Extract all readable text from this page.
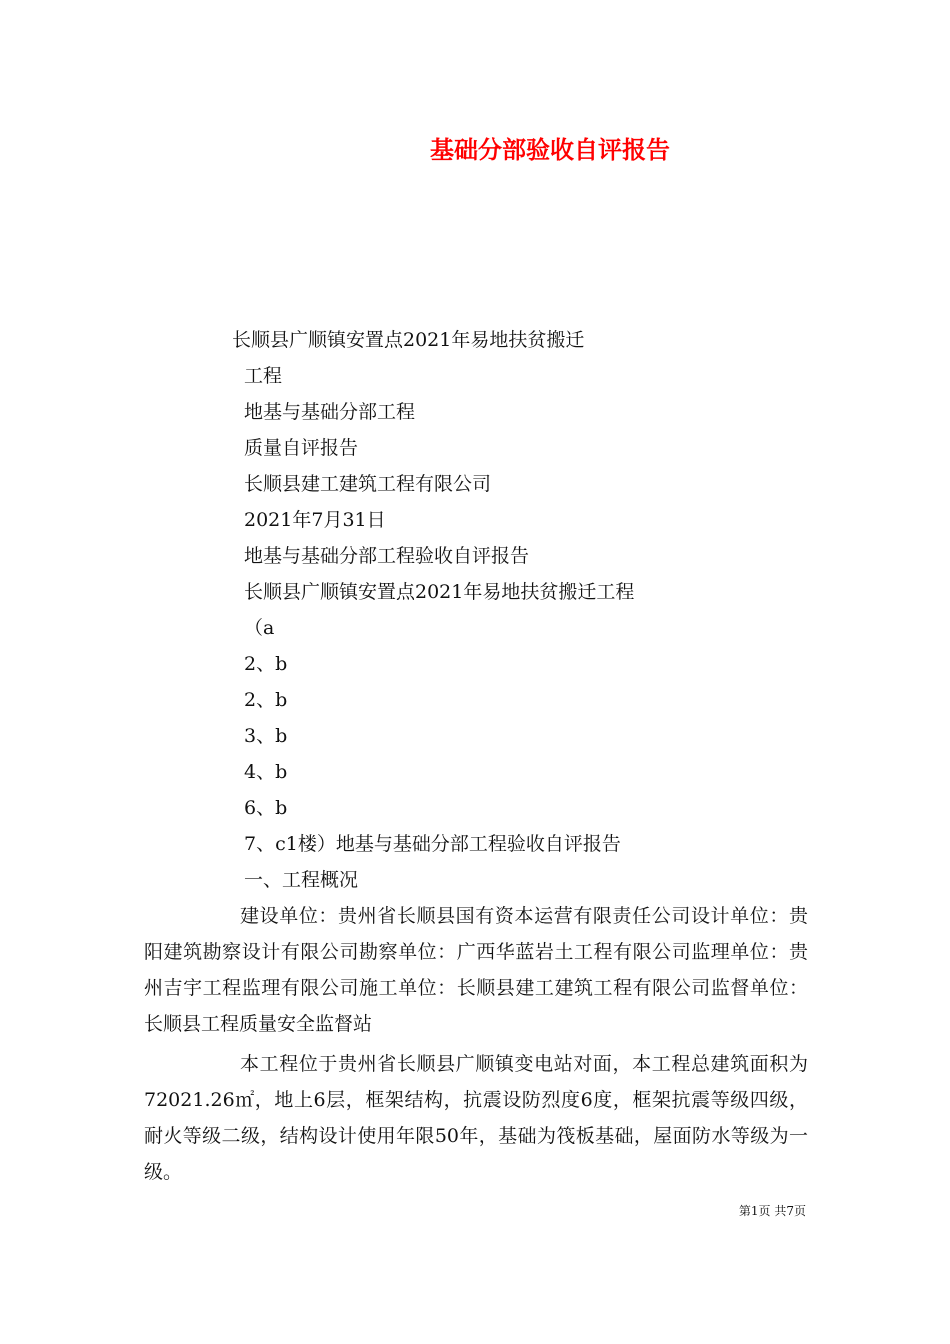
基础分部验收自评报告
长顺县广顺镇安置点2021年易地扶贫搬迁
工程
地基与基础分部工程
质量自评报告
长顺县建工建筑工程有限公司
2021年7月31日
地基与基础分部工程验收自评报告
长顺县广顺镇安置点2021年易地扶贫搬迁工程
（a
2、b
2、b
3、b
4、b
6、b
7、c1楼）地基与基础分部工程验收自评报告
一、工程概况
建设单位：贵州省长顺县国有资本运营有限责任公司设计单位：贵阳建筑勘察设计有限公司勘察单位：广西华蓝岩土工程有限公司监理单位：贵州吉宇工程监理有限公司施工单位：长顺县建工建筑工程有限公司监督单位：长顺县工程质量安全监督站
本工程位于贵州省长顺县广顺镇变电站对面，本工程总建筑面积为72021.26㎡，地上6层，框架结构，抗震设防烈度6度，框架抗震等级四级，耐火等级二级，结构设计使用年限50年，基础为筏板基础，屋面防水等级为一级。
第1页 共7页
